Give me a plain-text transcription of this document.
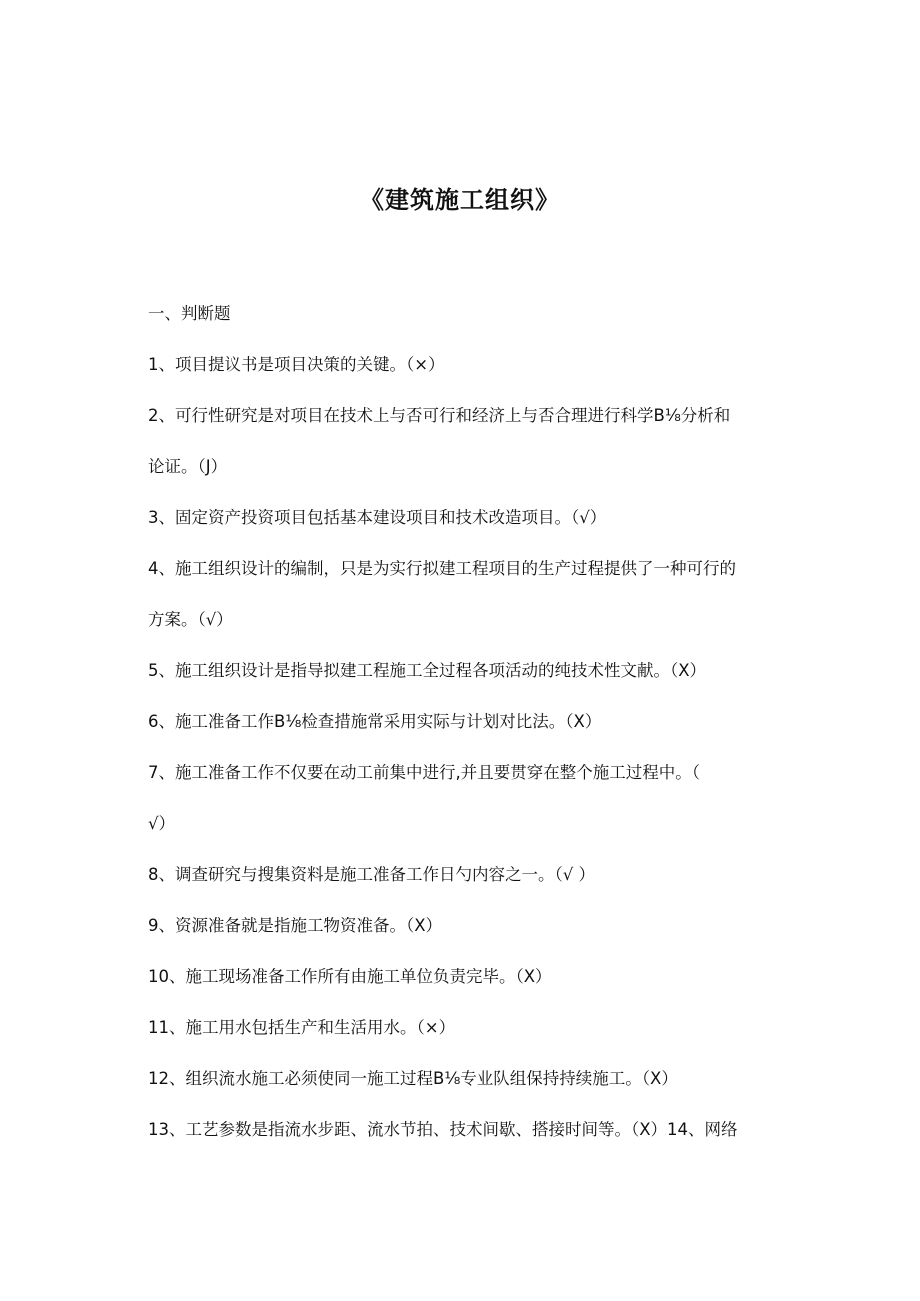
《建筑施工组织》

一、判断题

1、项目提议书是项目决策的关键。（×）

2、可行性研究是对项目在技术上与否可行和经济上与否合理进行科学B⅛分析和

论证。（J）

3、固定资产投资项目包括基本建设项目和技术改造项目。（√）

4、施工组织设计的编制，只是为实行拟建工程项目的生产过程提供了一种可行的

方案。（√）

5、施工组织设计是指导拟建工程施工全过程各项活动的纯技术性文献。（X）

6、施工准备工作B⅛检查措施常采用实际与计划对比法。（X）

7、施工准备工作不仅要在动工前集中进行,并且要贯穿在整个施工过程中。（

√）

8、调查研究与搜集资料是施工准备工作日勺内容之一。（√ ）

9、资源准备就是指施工物资准备。（X）

10、施工现场准备工作所有由施工单位负责完毕。（X）

11、施工用水包括生产和生活用水。（×）

12、组织流水施工必须使同一施工过程B⅛专业队组保持持续施工。（X）

13、工艺参数是指流水步距、流水节拍、技术间歇、搭接时间等。（X）14、网络
